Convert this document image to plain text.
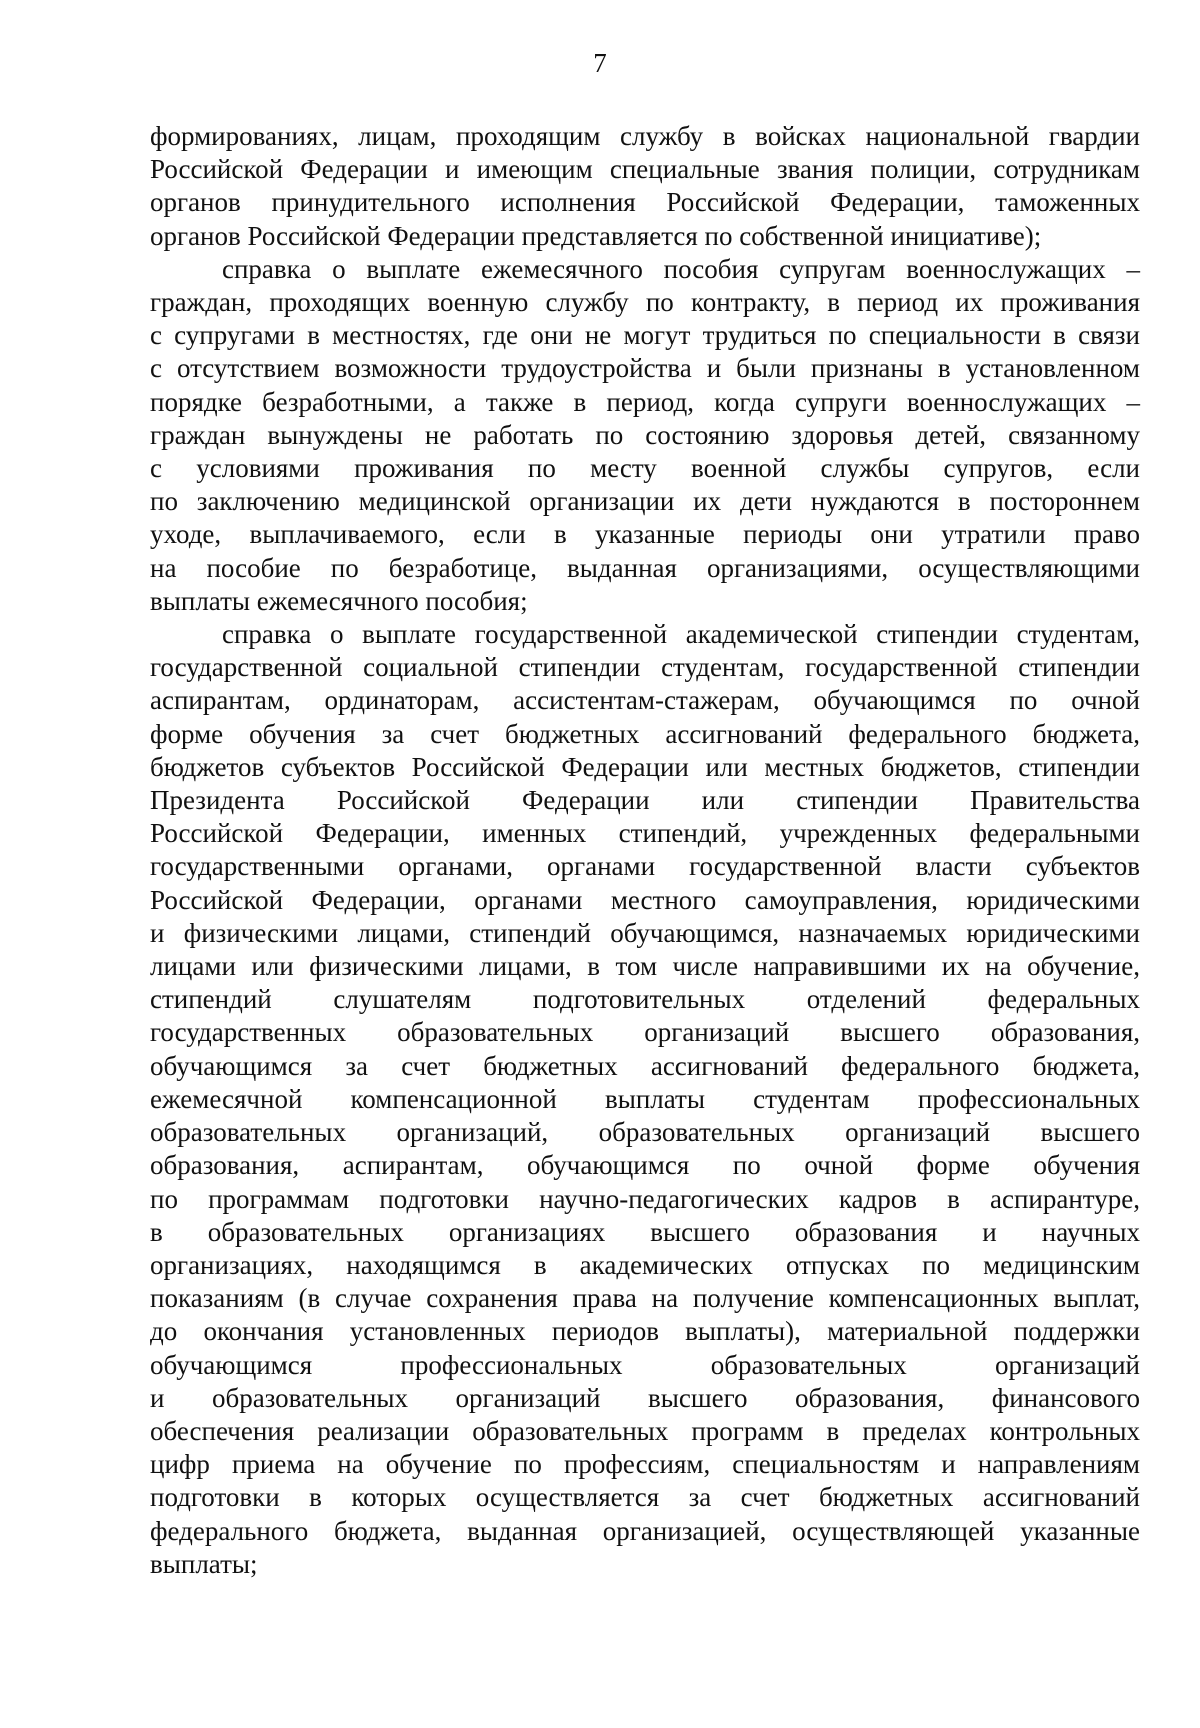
7
формированиях, лицам, проходящим службу в войсках национальной гвардии
Российской Федерации и имеющим специальные звания полиции, сотрудникам
органов принудительного исполнения Российской Федерации, таможенных
органов Российской Федерации представляется по собственной инициативе);
справка о выплате ежемесячного пособия супругам военнослужащих –
граждан, проходящих военную службу по контракту, в период их проживания
с супругами в местностях, где они не могут трудиться по специальности в связи
с отсутствием возможности трудоустройства и были признаны в установленном
порядке безработными, а также в период, когда супруги военнослужащих –
граждан вынуждены не работать по состоянию здоровья детей, связанному
с условиями проживания по месту военной службы супругов, если
по заключению медицинской организации их дети нуждаются в постороннем
уходе, выплачиваемого, если в указанные периоды они утратили право
на пособие по безработице, выданная организациями, осуществляющими
выплаты ежемесячного пособия;
справка о выплате государственной академической стипендии студентам,
государственной социальной стипендии студентам, государственной стипендии
аспирантам, ординаторам, ассистентам-стажерам, обучающимся по очной
форме обучения за счет бюджетных ассигнований федерального бюджета,
бюджетов субъектов Российской Федерации или местных бюджетов, стипендии
Президента Российской Федерации или стипендии Правительства
Российской Федерации, именных стипендий, учрежденных федеральными
государственными органами, органами государственной власти субъектов
Российской Федерации, органами местного самоуправления, юридическими
и физическими лицами, стипендий обучающимся, назначаемых юридическими
лицами или физическими лицами, в том числе направившими их на обучение,
стипендий слушателям подготовительных отделений федеральных
государственных образовательных организаций высшего образования,
обучающимся за счет бюджетных ассигнований федерального бюджета,
ежемесячной компенсационной выплаты студентам профессиональных
образовательных организаций, образовательных организаций высшего
образования, аспирантам, обучающимся по очной форме обучения
по программам подготовки научно-педагогических кадров в аспирантуре,
в образовательных организациях высшего образования и научных
организациях, находящимся в академических отпусках по медицинским
показаниям (в случае сохранения права на получение компенсационных выплат,
до окончания установленных периодов выплаты), материальной поддержки
обучающимся профессиональных образовательных организаций
и образовательных организаций высшего образования, финансового
обеспечения реализации образовательных программ в пределах контрольных
цифр приема на обучение по профессиям, специальностям и направлениям
подготовки в которых осуществляется за счет бюджетных ассигнований
федерального бюджета, выданная организацией, осуществляющей указанные
выплаты;
